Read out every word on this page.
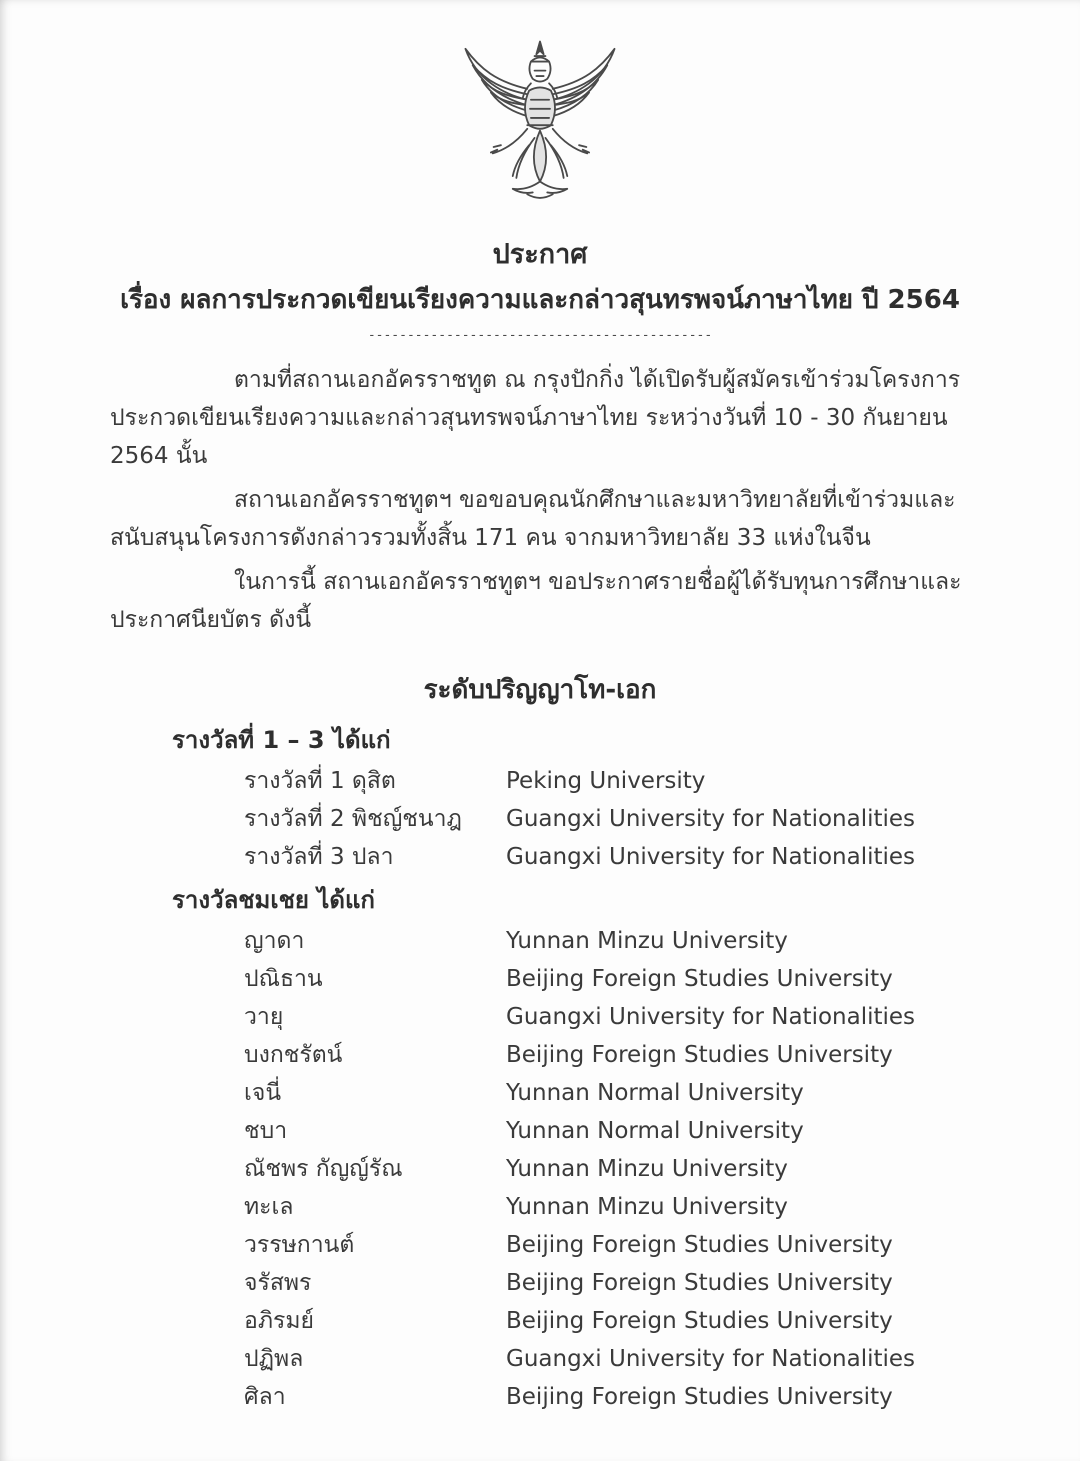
ประกาศ
เรื่อง ผลการประกวดเขียนเรียงความและกล่าวสุนทรพจน์ภาษาไทย ปี 2564
--------------------------------------------

ตามที่สถานเอกอัครราชทูต ณ กรุงปักกิ่ง ได้เปิดรับผู้สมัครเข้าร่วมโครงการประกวดเขียนเรียงความและกล่าวสุนทรพจน์ภาษาไทย ระหว่างวันที่ 10 - 30 กันยายน 2564 นั้น

สถานเอกอัครราชทูตฯ ขอขอบคุณนักศึกษาและมหาวิทยาลัยที่เข้าร่วมและสนับสนุนโครงการดังกล่าวรวมทั้งสิ้น 171 คน จากมหาวิทยาลัย 33 แห่งในจีน

ในการนี้ สถานเอกอัครราชทูตฯ ขอประกาศรายชื่อผู้ได้รับทุนการศึกษาและประกาศนียบัตร ดังนี้

ระดับปริญญาโท-เอก
รางวัลที่ 1 – 3 ได้แก่
รางวัลที่ 1 ดุสิต	Peking University
รางวัลที่ 2 พิชญ์ชนาฎ	Guangxi University for Nationalities
รางวัลที่ 3 ปลา	Guangxi University for Nationalities
รางวัลชมเชย ได้แก่
ญาดา	Yunnan Minzu University
ปณิธาน	Beijing Foreign Studies University
วายุ	Guangxi University for Nationalities
บงกชรัตน์	Beijing Foreign Studies University
เจนี่	Yunnan Normal University
ชบา	Yunnan Normal University
ณัชพร กัญญ์รัณ	Yunnan Minzu University
ทะเล	Yunnan Minzu University
วรรษกานต์	Beijing Foreign Studies University
จรัสพร	Beijing Foreign Studies University
อภิรมย์	Beijing Foreign Studies University
ปฏิพล	Guangxi University for Nationalities
ศิลา	Beijing Foreign Studies University
